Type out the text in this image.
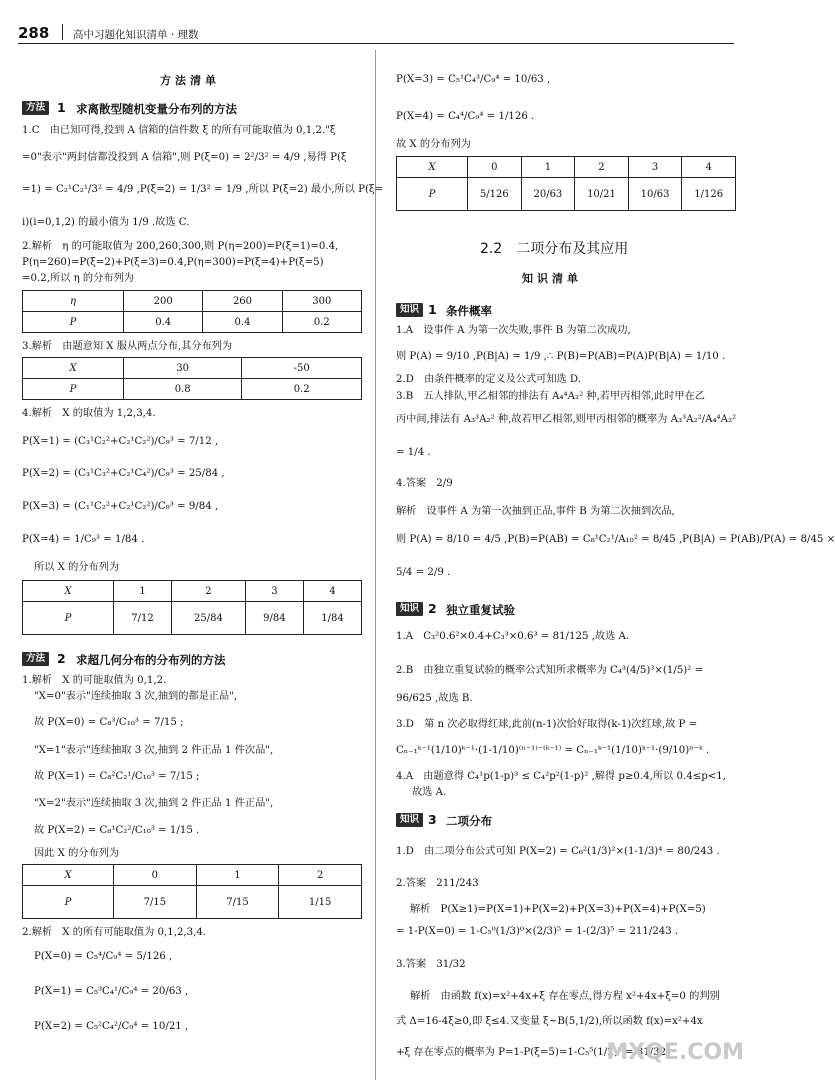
288 高中习题化知识清单 · 理数
方法清单
方法 1 求离散型随机变量分布列的方法
1.C　由已知可得,投到 A 信箱的信件数 ξ 的所有可能取值为 0,1,2."ξ
=0"表示"两封信都没投到 A 信箱",则 P(ξ=0) = 2²/3² = 4/9 ,易得 P(ξ
=1) = C₂¹C₂¹/3² = 4/9 ,P(ξ=2) = 1/3² = 1/9 ,所以 P(ξ=2) 最小,所以 P(ξ=
i)(i=0,1,2) 的最小值为 1/9 .故选 C.
2.解析　η 的可能取值为 200,260,300,则 P(η=200)=P(ξ=1)=0.4,
P(η=260)=P(ξ=2)+P(ξ=3)=0.4,P(η=300)=P(ξ=4)+P(ξ=5)
=0.2,所以 η 的分布列为
η	200	260	300
P	0.4	0.4	0.2
3.解析　由题意知 X 服从两点分布,其分布列为
X	30	-50
P	0.8	0.2
4.解析　X 的取值为 1,2,3,4.
P(X=1) = (C₃¹C₂²+C₂¹C₂²)/C₉³ = 7/12 ,
P(X=2) = (C₃¹C₃²+C₂¹C₄²)/C₉³ = 25/84 ,
P(X=3) = (C₁¹C₂²+C₂¹C₂²)/C₉³ = 9/84 ,
P(X=4) = 1/C₉³ = 1/84 .
所以 X 的分布列为
X	1	2	3	4
P	7/12	25/84	9/84	1/84
方法 2 求超几何分布的分布列的方法
1.解析　X 的可能取值为 0,1,2.
"X=0"表示"连续抽取 3 次,抽到的都是正品",
故 P(X=0) = C₈³/C₁₀³ = 7/15 ;
"X=1"表示"连续抽取 3 次,抽到 2 件正品 1 件次品",
故 P(X=1) = C₈²C₂¹/C₁₀³ = 7/15 ;
"X=2"表示"连续抽取 3 次,抽到 2 件正品 1 件正品",
故 P(X=2) = C₈¹C₂²/C₁₀³ = 1/15 .
因此 X 的分布列为
X	0	1	2
P	7/15	7/15	1/15
2.解析　X 的所有可能取值为 0,1,2,3,4.
P(X=0) = C₅⁴/C₉⁴ = 5/126 ,
P(X=1) = C₅³C₄¹/C₉⁴ = 20/63 ,
P(X=2) = C₅²C₄²/C₉⁴ = 10/21 ,
P(X=3) = C₅¹C₄³/C₉⁴ = 10/63 ,
P(X=4) = C₄⁴/C₉⁴ = 1/126 .
故 X 的分布列为
X	0	1	2	3	4
P	5/126	20/63	10/21	10/63	1/126
2.2　二项分布及其应用
知识清单
知识 1 条件概率
1.A　设事件 A 为第一次失败,事件 B 为第二次成功,
则 P(A) = 9/10 ,P(B|A) = 1/9 ,∴ P(B)=P(AB)=P(A)P(B|A) = 1/10 .
2.D　由条件概率的定义及公式可知选 D.
3.B　五人排队,甲乙相邻的排法有 A₄⁴A₂² 种,若甲丙相邻,此时甲在乙
丙中间,排法有 A₃³A₂² 种,故若甲乙相邻,则甲丙相邻的概率为 A₃³A₂²/A₄⁴A₂²
= 1/4 .
4.答案　2/9
解析　设事件 A 为第一次抽到正品,事件 B 为第二次抽到次品,
则 P(A) = 8/10 = 4/5 ,P(B)=P(AB) = C₈¹C₂¹/A₁₀² = 8/45 ,P(B|A) = P(AB)/P(A) = 8/45 ×
5/4 = 2/9 .
知识 2 独立重复试验
1.A　C₃²0.6²×0.4+C₃³×0.6³ = 81/125 ,故选 A.
2.B　由独立重复试验的概率公式知所求概率为 C₄³(4/5)³×(1/5)² =
96/625 ,故选 B.
3.D　第 n 次必取得红球,此前(n-1)次恰好取得(k-1)次红球,故 P =
Cₙ₋₁ᵏ⁻¹(1/10)ᵏ⁻¹·(1-1/10)⁽ⁿ⁻¹⁾⁻⁽ᵏ⁻¹⁾ = Cₙ₋₁ᵏ⁻¹(1/10)ᵏ⁻¹·(9/10)ⁿ⁻ᵏ .
4.A　由题意得 C₄¹p(1-p)³ ≤ C₄²p²(1-p)² ,解得 p≥0.4,所以 0.4≤p<1,
故选 A.
知识 3 二项分布
1.D　由二项分布公式可知 P(X=2) = C₆²(1/3)²×(1-1/3)⁴ = 80/243 .
2.答案　211/243
解析　P(X≥1)=P(X=1)+P(X=2)+P(X=3)+P(X=4)+P(X=5)
= 1-P(X=0) = 1-C₅⁰(1/3)⁰×(2/3)⁵ = 1-(2/3)⁵ = 211/243 .
3.答案　31/32
解析　由函数 f(x)=x²+4x+ξ 存在零点,得方程 x²+4x+ξ=0 的判别
式 Δ=16-4ξ≥0,即 ξ≤4.又变量 ξ~B(5,1/2),所以函数 f(x)=x²+4x
+ξ 存在零点的概率为 P=1-P(ξ=5)=1-C₅⁵(1/2)⁵ = 31/32
MXQE.COM
